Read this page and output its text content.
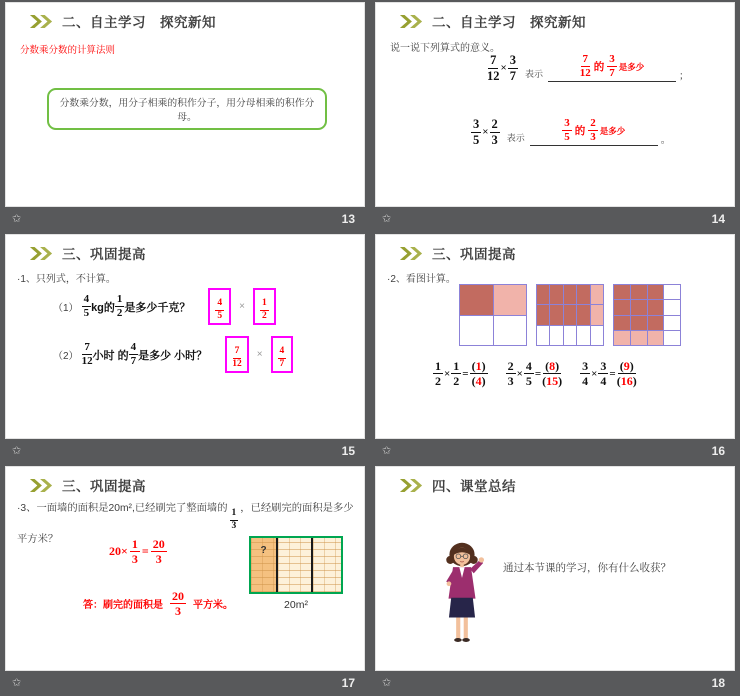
二、自主学习　探究新知
分数乘分数的计算法则
分数乘分数，用分子相乘的积作分子，用分母相乘的积作分母。
✩	13
二、自主学习　探究新知
说一说下列算式的意义。
$\frac{7}{12} \times \frac{3}{7}$ 表示
7
12 的
3
7
是多少
；
$\frac{3}{5} \times \frac{2}{3}$ 表示
3
5 的
2
3
是多少
。
✩	14
三、巩固提高
·1、只列式，不计算。
（1）
4
5 kg的
1
2 是多少千克？	$\frac{4}{5} \times \frac{1}{2}$
（2）
7
12 小时 的
4
7 是多少 小时？	$\frac{7}{12} \times \frac{4}{7}$
✩	15
三、巩固提高
·2、看图计算。
$\frac{1}{2} \times \frac{1}{2} = \frac{(1)}{(4)} \frac{2}{3} \times \frac{4}{5} = \frac{(8)}{(15)} \frac{3}{4} \times \frac{3}{4} = \frac{(9)}{(16)}$
✩	16
三、巩固提高
·3、一面墙的面积是20m²,已经刷完了整面墙的
$\frac{1}{3}$
，已经刷完的面积是多少平方米？
$20\times \frac{1}{3} = \frac{20}{3}$	?
20m²
答：刷完的面积是
20
3 平方米。
✩	17
四、课堂总结
通过本节课的学习，你有什么收获？
✩	18
